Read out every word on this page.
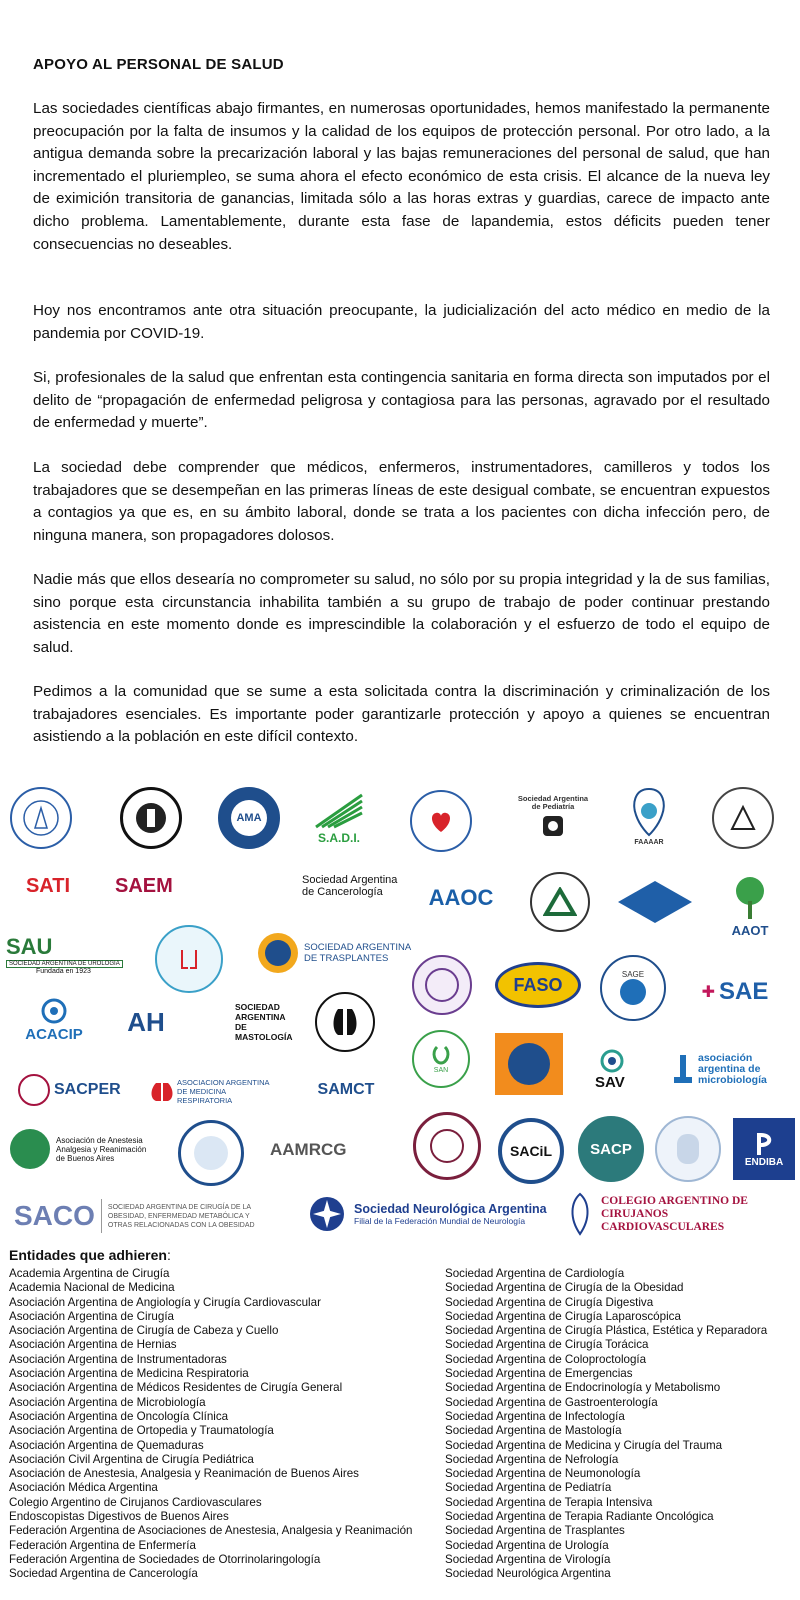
APOYO AL PERSONAL DE SALUD

Las sociedades científicas abajo firmantes, en numerosas oportunidades, hemos manifestado la permanente preocupación por la falta de insumos y la calidad de los equipos de protección personal. Por otro lado, a la antigua demanda sobre la precarización laboral y las bajas remuneraciones del personal de salud, que han incrementado el pluriempleo, se suma ahora el efecto económico de esta crisis. El alcance de la nueva ley de eximición transitoria de ganancias, limitada sólo a las horas extras y guardias, carece de impacto ante dicho problema. Lamentablemente, durante esta fase de lapandemia, estos déficits pueden tener consecuencias no deseables.

Hoy nos encontramos ante otra situación preocupante, la judicialización del acto médico en medio de la pandemia por COVID-19.

Si, profesionales de la salud que enfrentan esta contingencia sanitaria en forma directa son imputados por el delito de “propagación de enfermedad peligrosa y contagiosa para las personas, agravado por el resultado de enfermedad y muerte”.

La sociedad debe comprender que médicos, enfermeros, instrumentadores, camilleros y todos los trabajadores que se desempeñan en las primeras líneas de este desigual combate, se encuentran expuestos a contagios ya que es, en su ámbito laboral, donde se trata a los pacientes con dicha infección pero, de ninguna manera, son propagadores dolosos.

Nadie más que ellos desearía no comprometer su salud, no sólo por su propia integridad y la de sus familias, sino porque esta circunstancia inhabilita también a su grupo de trabajo de poder continuar prestando asistencia en este momento donde es imprescindible la colaboración y el esfuerzo de todo el equipo de salud.

Pedimos a la comunidad que se sume a esta solicitada contra la discriminación y criminalización de los trabajadores esenciales. Es importante poder garantizarle protección y apoyo a quienes se encuentran asistiendo a la población en este difícil contexto.

AMA
S.A.D.I.
Sociedad Argentina de Pediatría
FAAAAR
SATI SAEM	Sociedad Argentina
de Cancerología AAOC
AAOT
SAU
SOCIEDAD ARGENTINA DE UROLOGIA
Fundada en 1923
SOCIEDAD ARGENTINA DE TRASPLANTES
FASO	SAGE
✚ SAE
ACACIP AH	SOCIEDAD ARGENTINA DE MASTOLOGÍA
SAN
SAV
asociación argentina de microbiología
SACPER	ASOCIACION ARGENTINA DE MEDICINA RESPIRATORIA
SAMCT
Asociación de Anestesia Analgesia y Reanimación de Buenos Aires	AAMRCG	SACiL	SACP
ENDIBA
SACO SOCIEDAD ARGENTINA DE CIRUGÍA DE LA OBESIDAD, ENFERMEDAD METABÓLICA Y OTRAS RELACIONADAS CON LA OBESIDAD
Sociedad Neurológica Argentina
Filial de la Federación Mundial de Neurología
COLEGIO ARGENTINO DE CIRUJANOS CARDIOVASCULARES
Entidades que adhieren:
Academia Argentina de Cirugía
Academia Nacional de Medicina
Asociación Argentina de Angiología y Cirugía Cardiovascular
Asociación Argentina de Cirugía
Asociación Argentina de Cirugía de Cabeza y Cuello
Asociación Argentina de Hernias
Asociación Argentina de Instrumentadoras
Asociación Argentina de Medicina Respiratoria
Asociación Argentina de Médicos Residentes de Cirugía General
Asociación Argentina de Microbiología
Asociación Argentina de Oncología Clínica
Asociación Argentina de Ortopedia y Traumatología
Asociación Argentina de Quemaduras
Asociación Civil Argentina de Cirugía Pediátrica
Asociación de Anestesia, Analgesia y Reanimación de Buenos Aires
Asociación Médica Argentina
Colegio Argentino de Cirujanos Cardiovasculares
Endoscopistas Digestivos de Buenos Aires
Federación Argentina de Asociaciones de Anestesia, Analgesia y Reanimación
Federación Argentina de Enfermería
Federación Argentina de Sociedades de Otorrinolaringología
Sociedad Argentina de Cancerología
Sociedad Argentina de Cardiología
Sociedad Argentina de Cirugía de la Obesidad
Sociedad Argentina de Cirugía Digestiva
Sociedad Argentina de Cirugía Laparoscópica
Sociedad Argentina de Cirugía Plástica, Estética y Reparadora
Sociedad Argentina de Cirugía Torácica
Sociedad Argentina de Coloproctología
Sociedad Argentina de Emergencias
Sociedad Argentina de Endocrinología y Metabolismo
Sociedad Argentina de Gastroenterología
Sociedad Argentina de Infectología
Sociedad Argentina de Mastología
Sociedad Argentina de Medicina y Cirugía del Trauma
Sociedad Argentina de Nefrología
Sociedad Argentina de Neumonología
Sociedad Argentina de Pediatría
Sociedad Argentina de Terapia Intensiva
Sociedad Argentina de Terapia Radiante Oncológica
Sociedad Argentina de Trasplantes
Sociedad Argentina de Urología
Sociedad Argentina de Virología
Sociedad Neurológica Argentina
